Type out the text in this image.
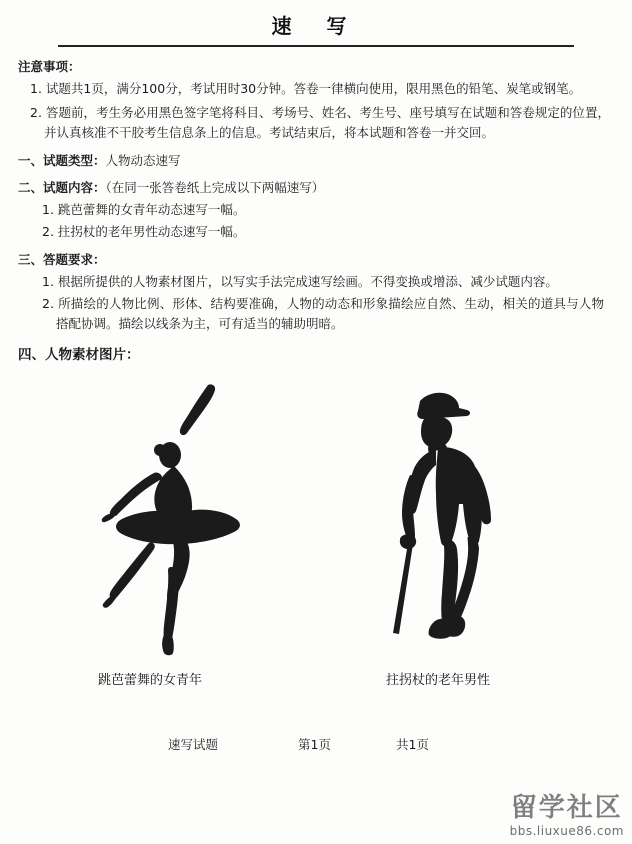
速 写
注意事项：

1. 试题共1页，满分100分，考试用时30分钟。答卷一律横向使用，限用黑色的铅笔、炭笔或钢笔。

2. 答题前，考生务必用黑色签字笔将科目、考场号、姓名、考生号、座号填写在试题和答卷规定的位置，并认真核准不干胶考生信息条上的信息。考试结束后，将本试题和答卷一并交回。

一、试题类型：人物动态速写
二、试题内容：（在同一张答卷纸上完成以下两幅速写）
1. 跳芭蕾舞的女青年动态速写一幅。
2. 拄拐杖的老年男性动态速写一幅。
三、答题要求：
1. 根据所提供的人物素材图片，以写实手法完成速写绘画。不得变换或增添、减少试题内容。
2. 所描绘的人物比例、形体、结构要准确，人物的动态和形象描绘应自然、生动，相关的道具与人物搭配协调。描绘以线条为主，可有适当的辅助明暗。
四、人物素材图片：
跳芭蕾舞的女青年	拄拐杖的老年男性
速写试题	第1页	共1页
留学社区
bbs.liuxue86.com
